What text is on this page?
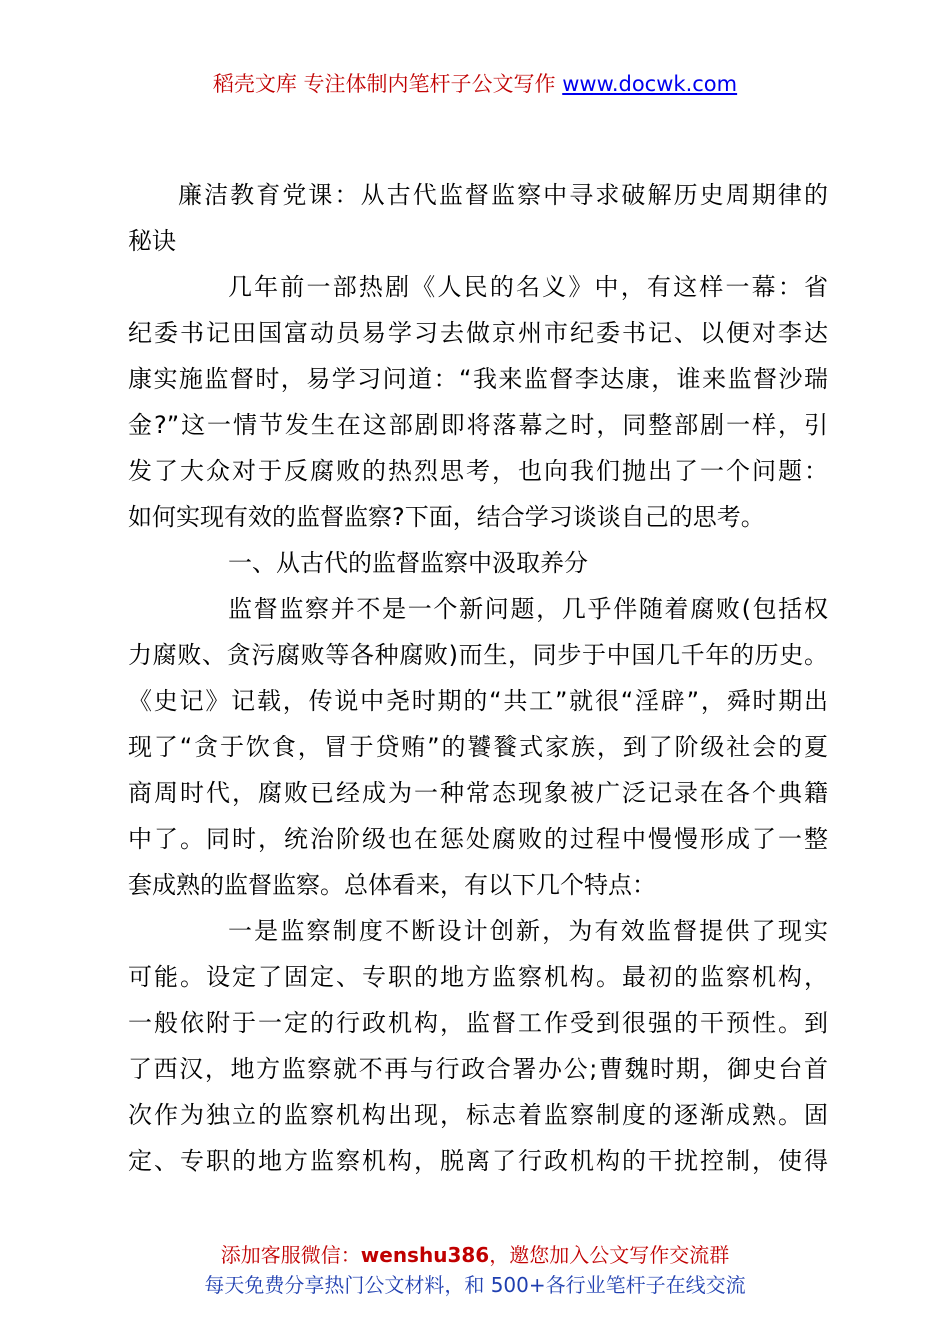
稻壳文库 专注体制内笔杆子公文写作 www.docwk.com
廉洁教育党课：从古代监督监察中寻求破解历史周期律的
秘诀
几年前一部热剧《人民的名义》中，有这样一幕：省
纪委书记田国富动员易学习去做京州市纪委书记、以便对李达
康实施监督时，易学习问道：“我来监督李达康，谁来监督沙瑞
金?”这一情节发生在这部剧即将落幕之时，同整部剧一样，引
发了大众对于反腐败的热烈思考，也向我们抛出了一个问题：
如何实现有效的监督监察?下面，结合学习谈谈自己的思考。
一、从古代的监督监察中汲取养分
监督监察并不是一个新问题，几乎伴随着腐败(包括权
力腐败、贪污腐败等各种腐败)而生，同步于中国几千年的历史。
《史记》记载，传说中尧时期的“共工”就很“淫辟”，舜时期出
现了“贪于饮食，冒于贷贿”的饕餮式家族，到了阶级社会的夏
商周时代，腐败已经成为一种常态现象被广泛记录在各个典籍
中了。同时，统治阶级也在惩处腐败的过程中慢慢形成了一整
套成熟的监督监察。总体看来，有以下几个特点：
一是监察制度不断设计创新，为有效监督提供了现实
可能。设定了固定、专职的地方监察机构。最初的监察机构，
一般依附于一定的行政机构，监督工作受到很强的干预性。到
了西汉，地方监察就不再与行政合署办公;曹魏时期，御史台首
次作为独立的监察机构出现，标志着监察制度的逐渐成熟。固
定、专职的地方监察机构，脱离了行政机构的干扰控制，使得
添加客服微信：wenshu386，邀您加入公文写作交流群
每天免费分享热门公文材料，和 500+各行业笔杆子在线交流
